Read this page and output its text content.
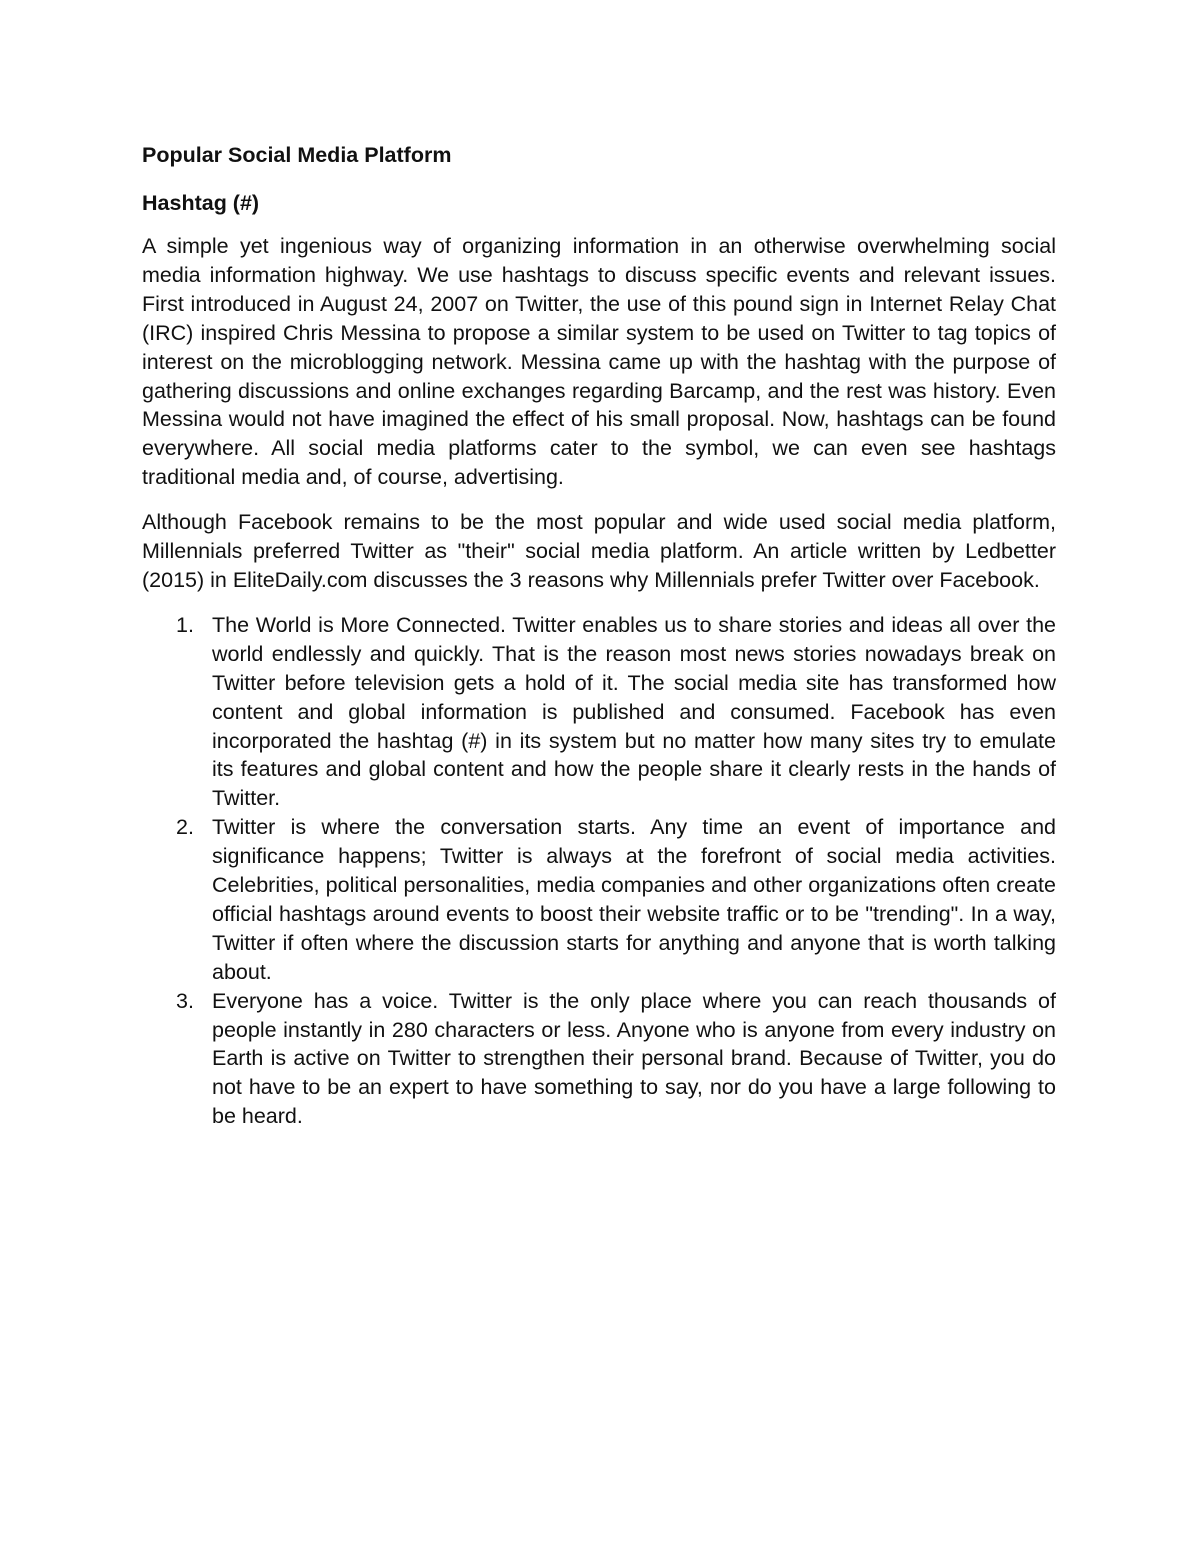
Popular Social Media Platform
Hashtag (#)

A simple yet ingenious way of organizing information in an otherwise overwhelming social media information highway. We use hashtags to discuss specific events and relevant issues. First introduced in August 24, 2007 on Twitter, the use of this pound sign in Internet Relay Chat (IRC) inspired Chris Messina to propose a similar system to be used on Twitter to tag topics of interest on the microblogging network. Messina came up with the hashtag with the purpose of gathering discussions and online exchanges regarding Barcamp, and the rest was history. Even Messina would not have imagined the effect of his small proposal. Now, hashtags can be found everywhere. All social media platforms cater to the symbol, we can even see hashtags traditional media and, of course, advertising.

Although Facebook remains to be the most popular and wide used social media platform, Millennials preferred Twitter as "their" social media platform. An article written by Ledbetter (2015) in EliteDaily.com discusses the 3 reasons why Millennials prefer Twitter over Facebook.

1. The World is More Connected. Twitter enables us to share stories and ideas all over the world endlessly and quickly. That is the reason most news stories nowadays break on Twitter before television gets a hold of it. The social media site has transformed how content and global information is published and consumed. Facebook has even incorporated the hashtag (#) in its system but no matter how many sites try to emulate its features and global content and how the people share it clearly rests in the hands of Twitter.
2. Twitter is where the conversation starts. Any time an event of importance and significance happens; Twitter is always at the forefront of social media activities. Celebrities, political personalities, media companies and other organizations often create official hashtags around events to boost their website traffic or to be "trending". In a way, Twitter if often where the discussion starts for anything and anyone that is worth talking about.
3. Everyone has a voice. Twitter is the only place where you can reach thousands of people instantly in 280 characters or less. Anyone who is anyone from every industry on Earth is active on Twitter to strengthen their personal brand. Because of Twitter, you do not have to be an expert to have something to say, nor do you have a large following to be heard.
